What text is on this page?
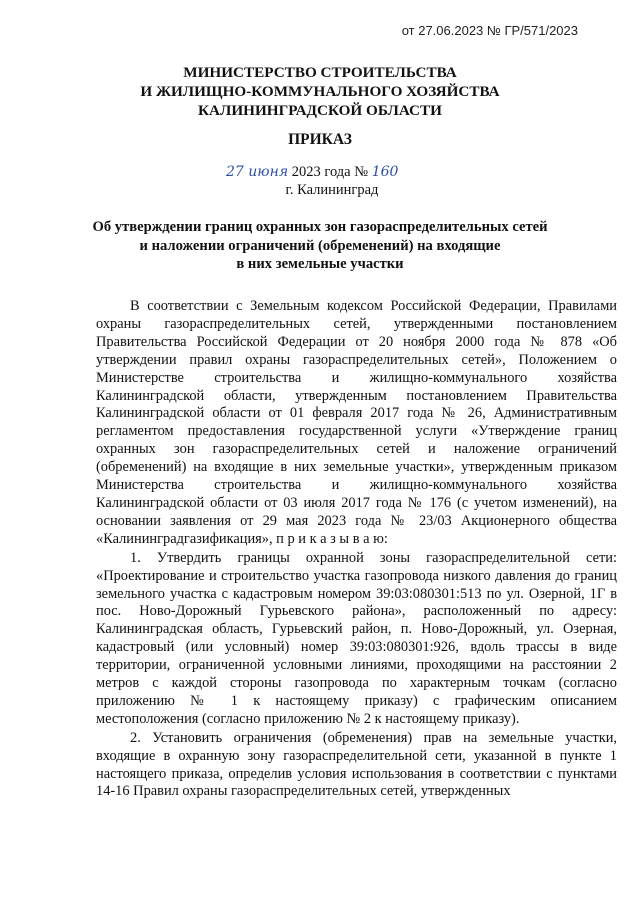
от 27.06.2023 № ГР/571/2023
МИНИСТЕРСТВО СТРОИТЕЛЬСТВА
И ЖИЛИЩНО-КОММУНАЛЬНОГО ХОЗЯЙСТВА
КАЛИНИНГРАДСКОЙ ОБЛАСТИ
ПРИКАЗ
27 июня 2023 года № 160
г. Калининград
Об утверждении границ охранных зон газораспределительных сетей
и наложении ограничений (обременений) на входящие
в них земельные участки

В соответствии с Земельным кодексом Российской Федерации, Правилами охраны газораспределительных сетей, утвержденными постановлением Правительства Российской Федерации от 20 ноября 2000 года № 878 «Об утверждении правил охраны газораспределительных сетей», Положением о Министерстве строительства и жилищно-коммунального хозяйства Калининградской области, утвержденным постановлением Правительства Калининградской области от 01 февраля 2017 года № 26, Административным регламентом предоставления государственной услуги «Утверждение границ охранных зон газораспределительных сетей и наложение ограничений (обременений) на входящие в них земельные участки», утвержденным приказом Министерства строительства и жилищно-коммунального хозяйства Калининградской области от 03 июля 2017 года № 176 (с учетом изменений), на основании заявления от 29 мая 2023 года № 23/03 Акционерного общества «Калининградгазификация», п р и к а з ы в а ю:

1. Утвердить границы охранной зоны газораспределительной сети: «Проектирование и строительство участка газопровода низкого давления до границ земельного участка с кадастровым номером 39:03:080301:513 по ул. Озерной, 1Г в пос. Ново-Дорожный Гурьевского района», расположенный по адресу: Калининградская область, Гурьевский район, п. Ново-Дорожный, ул. Озерная, кадастровый (или условный) номер 39:03:080301:926, вдоль трассы в виде территории, ограниченной условными линиями, проходящими на расстоянии 2 метров с каждой стороны газопровода по характерным точкам (согласно приложению № 1 к настоящему приказу) с графическим описанием местоположения (согласно приложению № 2 к настоящему приказу).

2. Установить ограничения (обременения) прав на земельные участки, входящие в охранную зону газораспределительной сети, указанной в пункте 1 настоящего приказа, определив условия использования в соответствии с пунктами 14-16 Правил охраны газораспределительных сетей, утвержденных
